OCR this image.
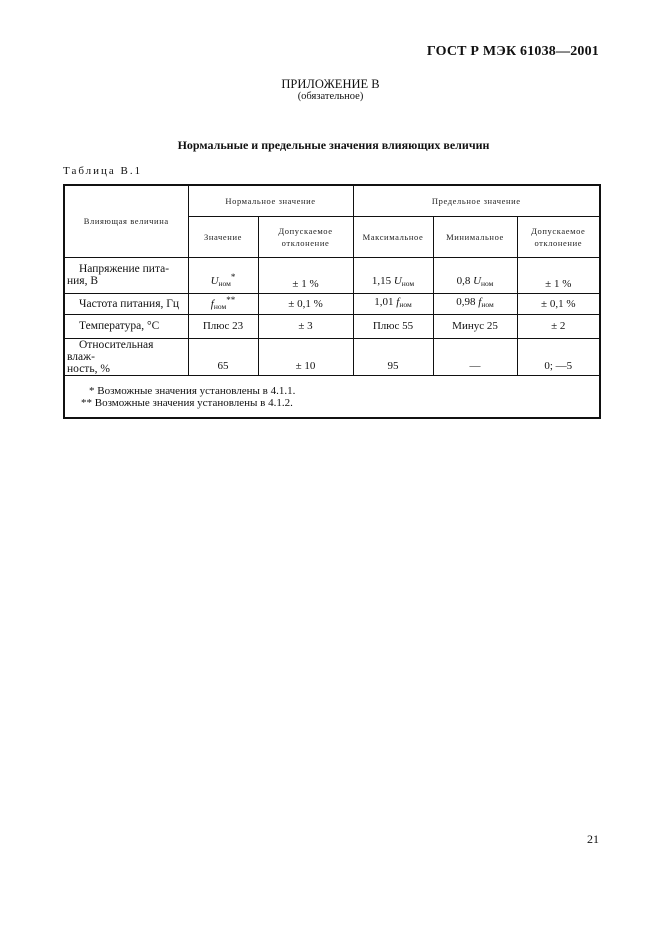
ГОСТ Р МЭК 61038—2001
ПРИЛОЖЕНИЕ В
(обязательное)
Нормальные и предельные значения влияющих величин
Таблица В.1
Влияющая величина	Нормальное значение		Предельное значение		
	Значение	Допускаемое отклонение	Максимальное	Минимальное	Допускаемое отклонение

Напряжение пита-
ния, В	$U_{ном}^*$	± 1 %	1,15 $U_{ном}$	0,8 $U_{ном}$	± 1 %

Частота питания, Гц	$f_{ном}^{**}$	± 0,1 %	1,01 $f_{ном}$	0,98 $f_{ном}$	± 0,1 %

Температура, °С	Плюс 23	± 3	Плюс 55	Минус 25	± 2

Относительная влаж-
ность, %	65	± 10	95	—	0; —5

* Возможные значения установлены в 4.1.1.
** Возможные значения установлены в 4.1.2.					
21
